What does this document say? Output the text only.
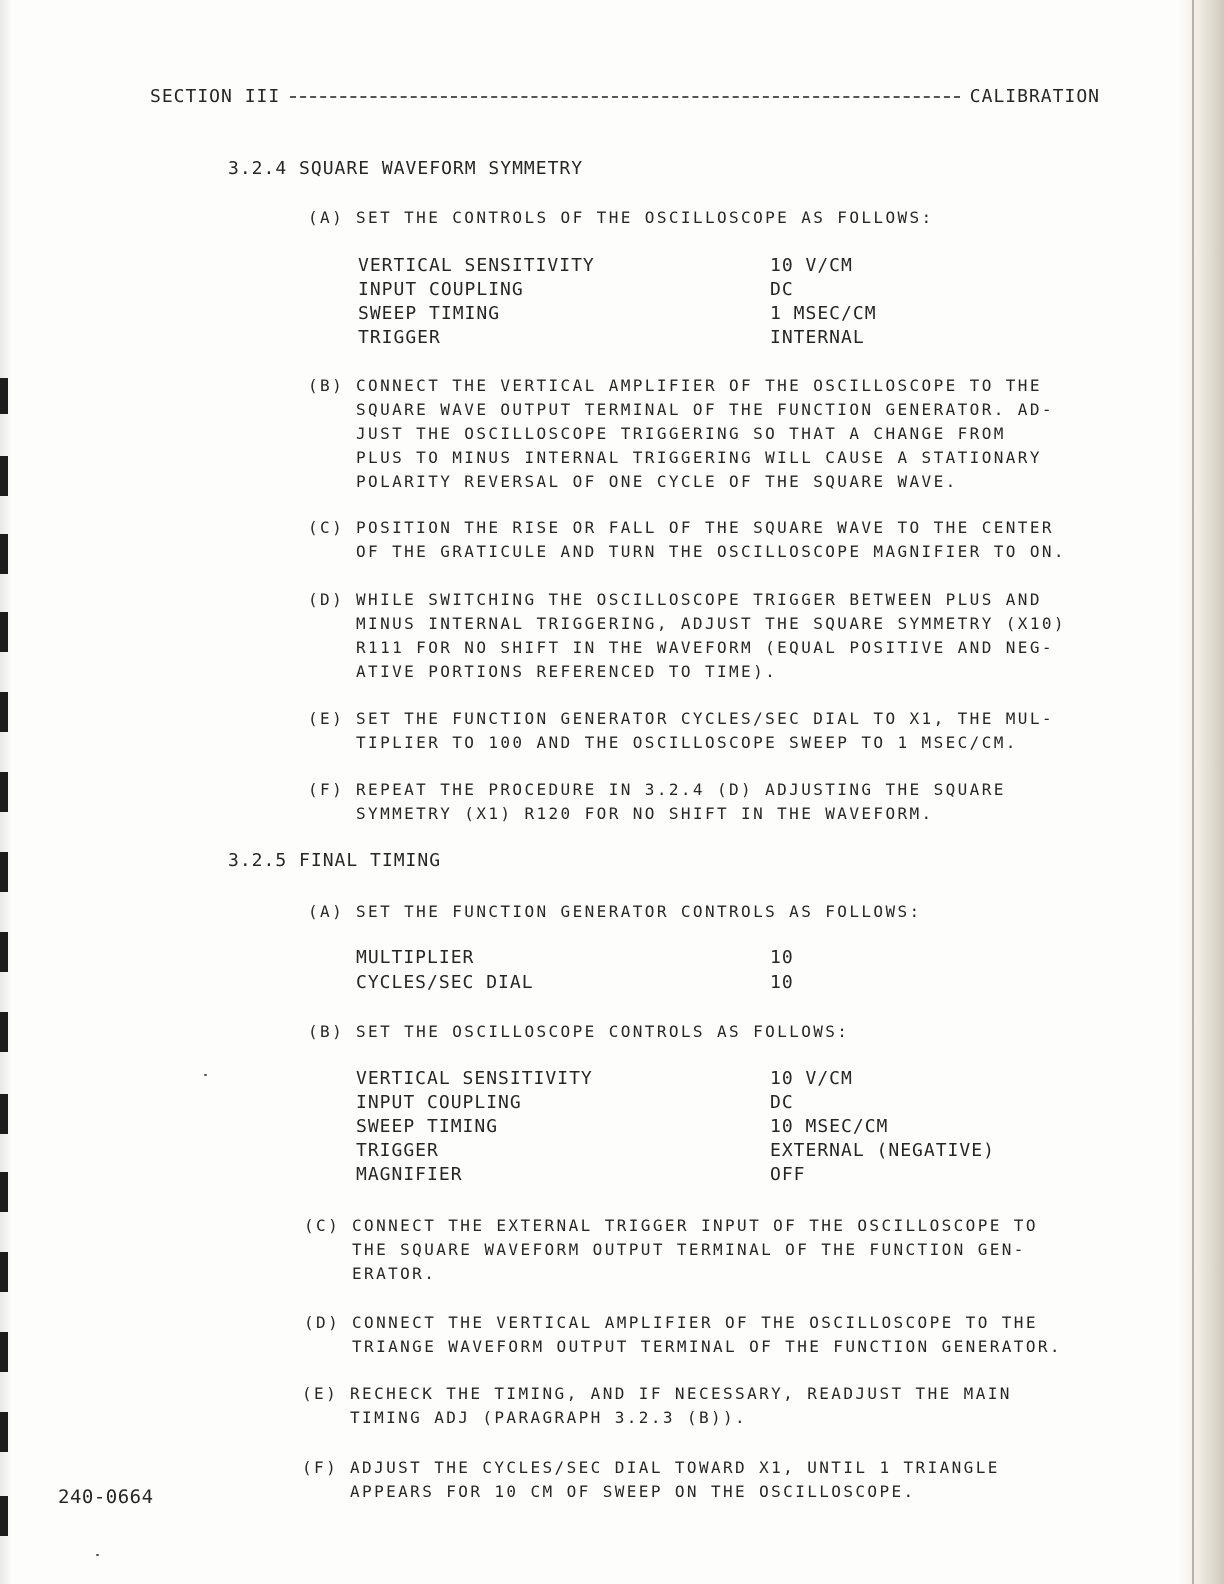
SECTION III	CALIBRATION
3.2.4 SQUARE WAVEFORM SYMMETRY
(A) SET THE CONTROLS OF THE OSCILLOSCOPE AS FOLLOWS:
VERTICAL SENSITIVITY	10 V/CM
INPUT COUPLING	DC
SWEEP TIMING	1 MSEC/CM
TRIGGER	INTERNAL
(B) CONNECT THE VERTICAL AMPLIFIER OF THE OSCILLOSCOPE TO THE
SQUARE WAVE OUTPUT TERMINAL OF THE FUNCTION GENERATOR. AD-
JUST THE OSCILLOSCOPE TRIGGERING SO THAT A CHANGE FROM
PLUS TO MINUS INTERNAL TRIGGERING WILL CAUSE A STATIONARY
POLARITY REVERSAL OF ONE CYCLE OF THE SQUARE WAVE.
(C) POSITION THE RISE OR FALL OF THE SQUARE WAVE TO THE CENTER
OF THE GRATICULE AND TURN THE OSCILLOSCOPE MAGNIFIER TO ON.
(D) WHILE SWITCHING THE OSCILLOSCOPE TRIGGER BETWEEN PLUS AND
MINUS INTERNAL TRIGGERING, ADJUST THE SQUARE SYMMETRY (X10)
R111 FOR NO SHIFT IN THE WAVEFORM (EQUAL POSITIVE AND NEG-
ATIVE PORTIONS REFERENCED TO TIME).
(E) SET THE FUNCTION GENERATOR CYCLES/SEC DIAL TO X1, THE MUL-
TIPLIER TO 100 AND THE OSCILLOSCOPE SWEEP TO 1 MSEC/CM.
(F) REPEAT THE PROCEDURE IN 3.2.4 (D) ADJUSTING THE SQUARE
SYMMETRY (X1) R120 FOR NO SHIFT IN THE WAVEFORM.
3.2.5 FINAL TIMING
(A) SET THE FUNCTION GENERATOR CONTROLS AS FOLLOWS:
MULTIPLIER	10
CYCLES/SEC DIAL	10
(B) SET THE OSCILLOSCOPE CONTROLS AS FOLLOWS:
VERTICAL SENSITIVITY	10 V/CM
INPUT COUPLING	DC
SWEEP TIMING	10 MSEC/CM
TRIGGER	EXTERNAL (NEGATIVE)
MAGNIFIER	OFF
(C) CONNECT THE EXTERNAL TRIGGER INPUT OF THE OSCILLOSCOPE TO
THE SQUARE WAVEFORM OUTPUT TERMINAL OF THE FUNCTION GEN-
ERATOR.
(D) CONNECT THE VERTICAL AMPLIFIER OF THE OSCILLOSCOPE TO THE
TRIANGE WAVEFORM OUTPUT TERMINAL OF THE FUNCTION GENERATOR.
(E) RECHECK THE TIMING, AND IF NECESSARY, READJUST THE MAIN
TIMING ADJ (PARAGRAPH 3.2.3 (B)).
(F) ADJUST THE CYCLES/SEC DIAL TOWARD X1, UNTIL 1 TRIANGLE
APPEARS FOR 10 CM OF SWEEP ON THE OSCILLOSCOPE.
240-0664
